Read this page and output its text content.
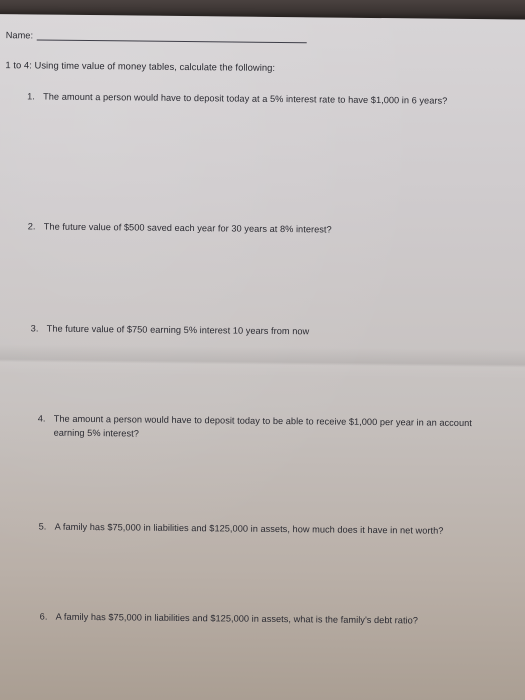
Name:
1 to 4: Using time value of money tables, calculate the following:
1. The amount a person would have to deposit today at a 5% interest rate to have $1,000 in 6 years?
2. The future value of $500 saved each year for 30 years at 8% interest?
3. The future value of $750 earning 5% interest 10 years from now
4. The amount a person would have to deposit today to be able to receive $1,000 per year in an account earning 5% interest?
5. A family has $75,000 in liabilities and $125,000 in assets, how much does it have in net worth?
6. A family has $75,000 in liabilities and $125,000 in assets, what is the family's debt ratio?
